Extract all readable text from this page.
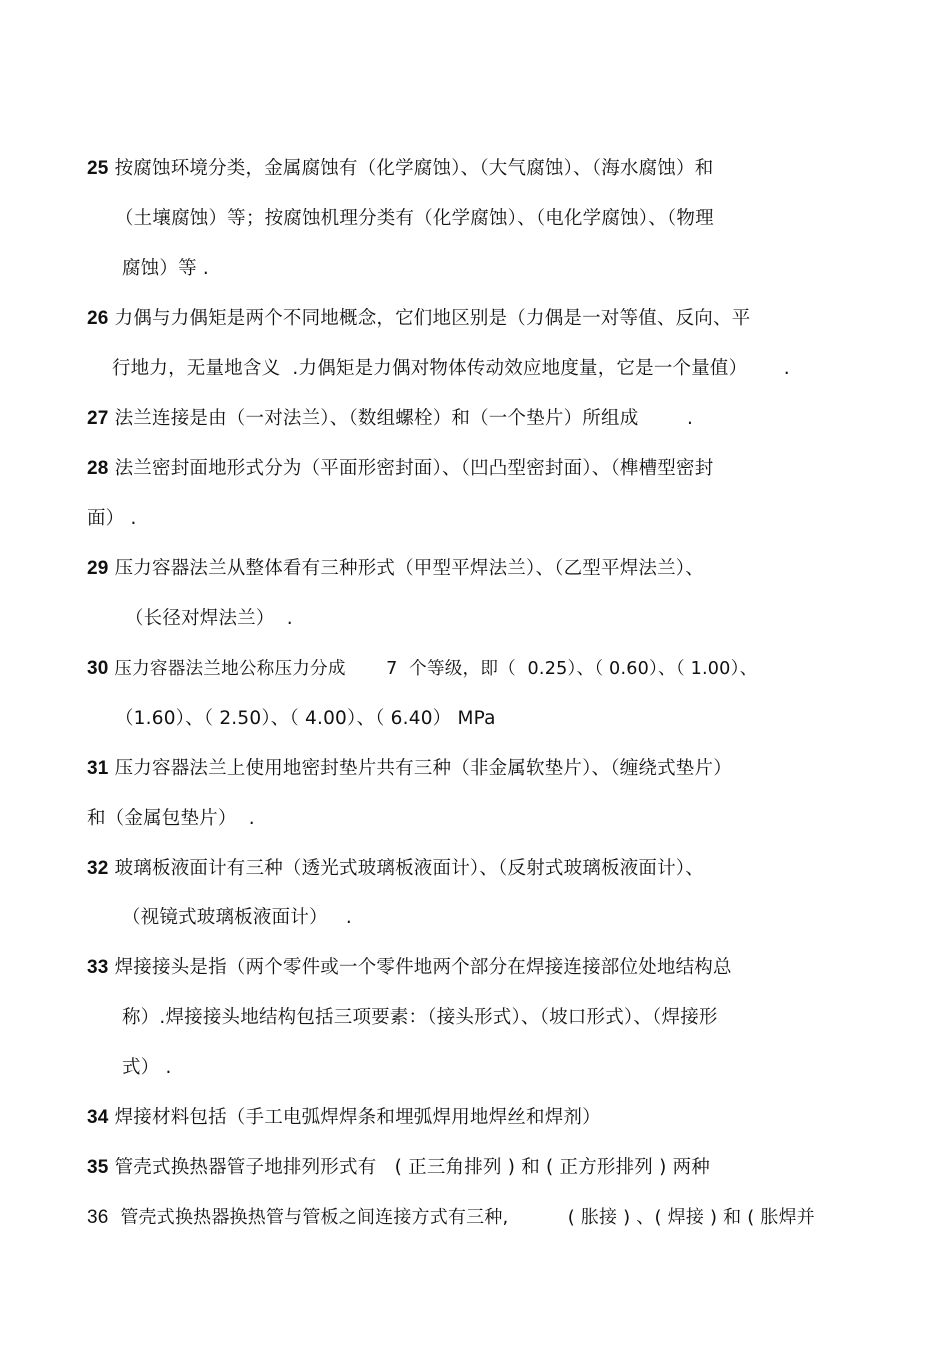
25 按腐蚀环境分类，金属腐蚀有（化学腐蚀）、（大气腐蚀）、（海水腐蚀）和

（土壤腐蚀）等；按腐蚀机理分类有（化学腐蚀）、（电化学腐蚀）、（物理

腐蚀）等 .

26 力偶与力偶矩是两个不同地概念，它们地区别是（力偶是一对等值、反向、平

行地力，无量地含义  .力偶矩是力偶对物体传动效应地度量，它是一个量值）      .

27 法兰连接是由（一对法兰）、（数组螺栓）和（一个垫片）所组成        .

28 法兰密封面地形式分为（平面形密封面）、（凹凸型密封面）、（榫槽型密封

面） .

29 压力容器法兰从整体看有三种形式（甲型平焊法兰）、（乙型平焊法兰）、

（长径对焊法兰）  .

30 压力容器法兰地公称压力分成       7  个等级，即（  0.25）、（ 0.60）、（ 1.00）、

（1.60）、（ 2.50）、（ 4.00）、（ 6.40） MPa

31 压力容器法兰上使用地密封垫片共有三种（非金属软垫片）、（缠绕式垫片）

和（金属包垫片）  .

32 玻璃板液面计有三种（透光式玻璃板液面计）、（反射式玻璃板液面计）、

（视镜式玻璃板液面计）   .

33 焊接接头是指（两个零件或一个零件地两个部分在焊接连接部位处地结构总

称）.焊接接头地结构包括三项要素：（接头形式）、（坡口形式）、（焊接形

式） .

34 焊接材料包括（手工电弧焊焊条和埋弧焊用地焊丝和焊剂）

35 管壳式换热器管子地排列形式有   ( 正三角排列 ) 和 ( 正方形排列 ) 两种

36  管壳式换热器换热管与管板之间连接方式有三种,          ( 胀接 ) 、( 焊接 ) 和 ( 胀焊并
